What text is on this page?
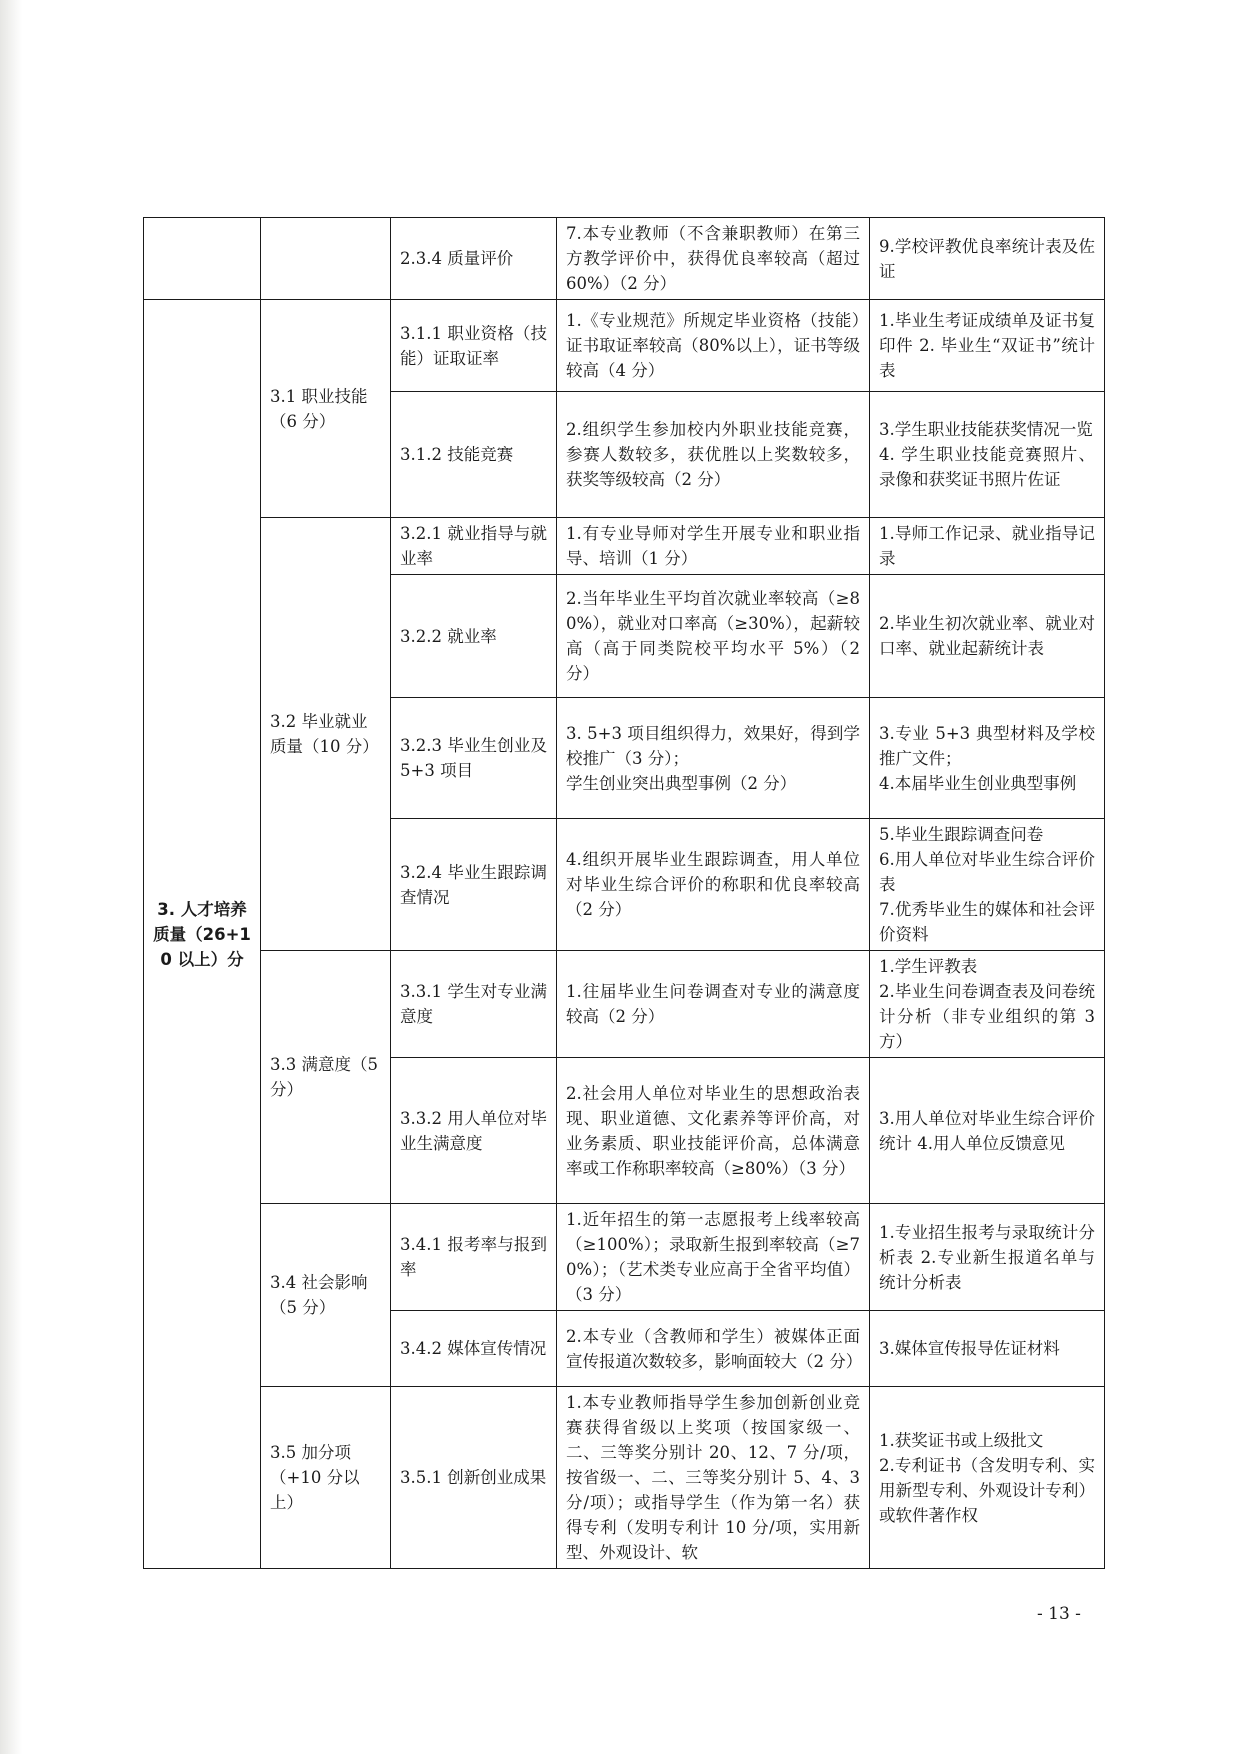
		2.3.4 质量评价	7.本专业教师（不含兼职教师）在第三方教学评价中，获得优良率较高（超过 60%）（2 分）	9.学校评教优良率统计表及佐证
3. 人才培养质量（26+10 以上）分	3.1 职业技能（6 分）	3.1.1 职业资格（技能）证取证率	1.《专业规范》所规定毕业资格（技能）证书取证率较高（80%以上），证书等级较高（4 分）	1.毕业生考证成绩单及证书复印件 2. 毕业生“双证书”统计表
		3.1.2 技能竞赛	2.组织学生参加校内外职业技能竞赛，参赛人数较多，获优胜以上奖数较多，获奖等级较高（2 分）	3.学生职业技能获奖情况一览
4. 学生职业技能竞赛照片、录像和获奖证书照片佐证
	3.2 毕业就业质量（10 分）	3.2.1 就业指导与就业率	1.有专业导师对学生开展专业和职业指导、培训（1 分）	1.导师工作记录、就业指导记录
		3.2.2 就业率	2.当年毕业生平均首次就业率较高（≥80%），就业对口率高（≥30%），起薪较高（高于同类院校平均水平 5%）（2 分）	2.毕业生初次就业率、就业对口率、就业起薪统计表
		3.2.3 毕业生创业及 5+3 项目	3. 5+3 项目组织得力，效果好，得到学校推广（3 分）；
学生创业突出典型事例（2 分）	3.专业 5+3 典型材料及学校推广文件；
4.本届毕业生创业典型事例
		3.2.4 毕业生跟踪调查情况	4.组织开展毕业生跟踪调查，用人单位对毕业生综合评价的称职和优良率较高（2 分）	5.毕业生跟踪调查问卷
6.用人单位对毕业生综合评价表
7.优秀毕业生的媒体和社会评价资料
	3.3 满意度（5 分）	3.3.1 学生对专业满意度	1.往届毕业生问卷调查对专业的满意度较高（2 分）	1.学生评教表
2.毕业生问卷调查表及问卷统计分析（非专业组织的第 3 方）
		3.3.2 用人单位对毕业生满意度	2.社会用人单位对毕业生的思想政治表现、职业道德、文化素养等评价高，对业务素质、职业技能评价高，总体满意率或工作称职率较高（≥80%）（3 分）	3.用人单位对毕业生综合评价统计 4.用人单位反馈意见
	3.4 社会影响（5 分）	3.4.1 报考率与报到率	1.近年招生的第一志愿报考上线率较高（≥100%）；录取新生报到率较高（≥70%）；（艺术类专业应高于全省平均值）（3 分）	1.专业招生报考与录取统计分析表 2.专业新生报道名单与统计分析表
		3.4.2 媒体宣传情况	2.本专业（含教师和学生）被媒体正面宣传报道次数较多，影响面较大（2 分）	3.媒体宣传报导佐证材料
	3.5 加分项（+10 分以上）	3.5.1 创新创业成果	1.本专业教师指导学生参加创新创业竞赛获得省级以上奖项（按国家级一、二、三等奖分别计 20、12、7 分/项，按省级一、二、三等奖分别计 5、4、3 分/项）；或指导学生（作为第一名）获得专利（发明专利计 10 分/项，实用新型、外观设计、软	1.获奖证书或上级批文
2.专利证书（含发明专利、实用新型专利、外观设计专利）或软件著作权
- 13 -
